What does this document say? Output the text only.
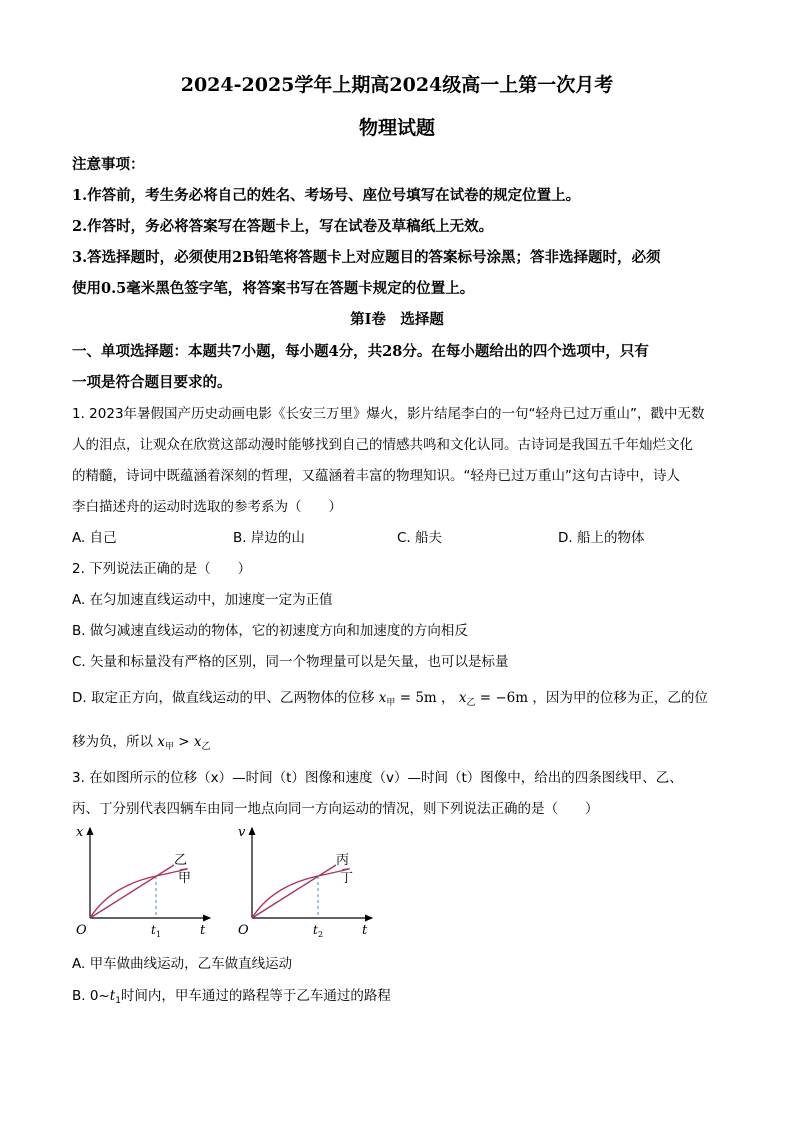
2024-2025学年上期高2024级高一上第一次月考
物理试题
注意事项：
1.作答前，考生务必将自己的姓名、考场号、座位号填写在试卷的规定位置上。
2.作答时，务必将答案写在答题卡上，写在试卷及草稿纸上无效。
3.答选择题时，必须使用2B铅笔将答题卡上对应题目的答案标号涂黑；答非选择题时，必须
使用0.5毫米黑色签字笔，将答案书写在答题卡规定的位置上。
第Ⅰ卷　选择题
一、单项选择题：本题共7小题，每小题4分，共28分。在每小题给出的四个选项中，只有
一项是符合题目要求的。
1. 2023年暑假国产历史动画电影《长安三万里》爆火，影片结尾李白的一句“轻舟已过万重山”，戳中无数
人的泪点，让观众在欣赏这部动漫时能够找到自己的情感共鸣和文化认同。古诗词是我国五千年灿烂文化
的精髓，诗词中既蕴涵着深刻的哲理，又蕴涵着丰富的物理知识。“轻舟已过万重山”这句古诗中，诗人
李白描述舟的运动时选取的参考系为（　　）
A. 自己	B. 岸边的山	C. 船夫	D. 船上的物体
2. 下列说法正确的是（　　）
A. 在匀加速直线运动中，加速度一定为正值
B. 做匀减速直线运动的物体，它的初速度方向和加速度的方向相反
C. 矢量和标量没有严格的区别，同一个物理量可以是矢量，也可以是标量
D. 取定正方向，做直线运动的甲、乙两物体的位移 $x_甲 = 5m$ ， $x_乙 = -6m$ ，因为甲的位移为正，乙的位
移为负，所以 $x_甲 > x_乙$
3. 在如图所示的位移（x）—时间（t）图像和速度（v）—时间（t）图像中，给出的四条图线甲、乙、
丙、丁分别代表四辆车由同一地点向同一方向运动的情况，则下列说法正确的是（　　）
x
t
O	t 1
乙
甲
v
t
O	t 2
丙
丁
A. 甲车做曲线运动，乙车做直线运动
B. $0\sim t_1$时间内，甲车通过的路程等于乙车通过的路程
